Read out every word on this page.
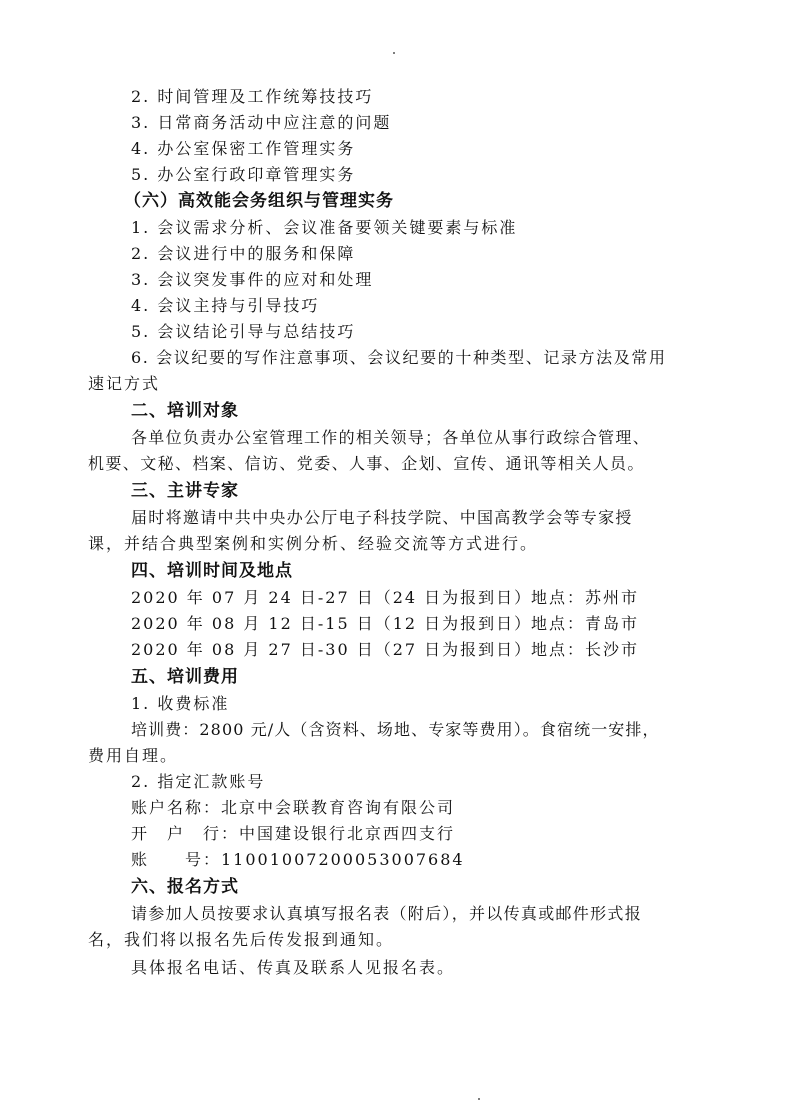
2. 时间管理及工作统筹技技巧
3. 日常商务活动中应注意的问题
4. 办公室保密工作管理实务
5. 办公室行政印章管理实务
（六）高效能会务组织与管理实务
1. 会议需求分析、会议准备要领关键要素与标准
2. 会议进行中的服务和保障
3. 会议突发事件的应对和处理
4. 会议主持与引导技巧
5. 会议结论引导与总结技巧
6. 会议纪要的写作注意事项、会议纪要的十种类型、记录方法及常用
速记方式
二、培训对象
各单位负责办公室管理工作的相关领导；各单位从事行政综合管理、
机要、文秘、档案、信访、党委、人事、企划、宣传、通讯等相关人员。
三、主讲专家
届时将邀请中共中央办公厅电子科技学院、中国高教学会等专家授
课，并结合典型案例和实例分析、经验交流等方式进行。
四、培训时间及地点
2020 年 07 月 24 日-27 日（24 日为报到日）
地点：苏州市
2020 年 08 月 12 日-15 日（12 日为报到日）
地点：青岛市
2020 年 08 月 27 日-30 日（27 日为报到日）
地点：长沙市
五、培训费用
1. 收费标准
培训费：2800 元/人（含资料、场地、专家等费用）。食宿统一安排，
费用自理。
2. 指定汇款账号
账户名称：北京中会联教育咨询有限公司
开　户　行：中国建设银行北京西四支行
账　　号：11001007200053007684
六、报名方式
请参加人员按要求认真填写报名表（附后），并以传真或邮件形式报
名，我们将以报名先后传发报到通知。
具体报名电话、传真及联系人见报名表。
